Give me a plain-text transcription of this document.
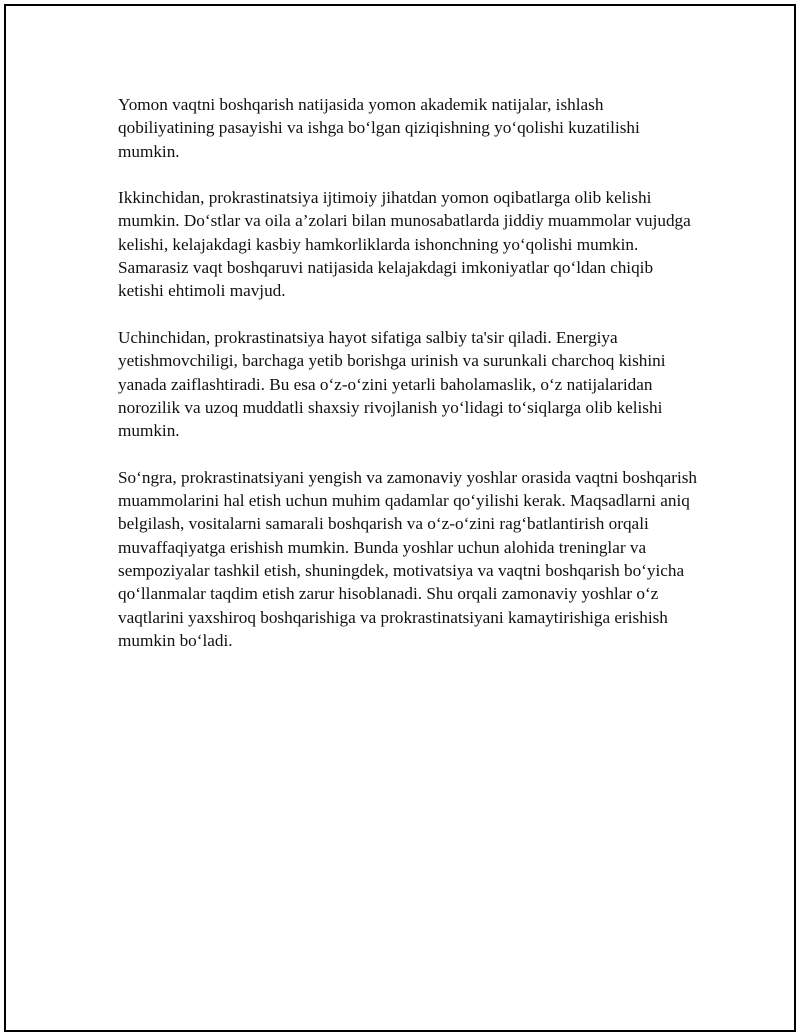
Yomon vaqtni boshqarish natijasida yomon akademik natijalar, ishlash qobiliyatining pasayishi va ishga bo‘lgan qiziqishning yo‘qolishi kuzatilishi mumkin.

Ikkinchidan, prokrastinatsiya ijtimoiy jihatdan yomon oqibatlarga olib kelishi mumkin. Do‘stlar va oila a’zolari bilan munosabatlarda jiddiy muammolar vujudga kelishi, kelajakdagi kasbiy hamkorliklarda ishonchning yo‘qolishi mumkin. Samarasiz vaqt boshqaruvi natijasida kelajakdagi imkoniyatlar qo‘ldan chiqib ketishi ehtimoli mavjud.

Uchinchidan, prokrastinatsiya hayot sifatiga salbiy ta'sir qiladi. Energiya yetishmovchiligi, barchaga yetib borishga urinish va surunkali charchoq kishini yanada zaiflashtiradi. Bu esa o‘z-o‘zini yetarli baholamaslik, o‘z natijalaridan norozilik va uzoq muddatli shaxsiy rivojlanish yo‘lidagi to‘siqlarga olib kelishi mumkin.

So‘ngra, prokrastinatsiyani yengish va zamonaviy yoshlar orasida vaqtni boshqarish muammolarini hal etish uchun muhim qadamlar qo‘yilishi kerak. Maqsadlarni aniq belgilash, vositalarni samarali boshqarish va o‘z-o‘zini rag‘batlantirish orqali muvaffaqiyatga erishish mumkin. Bunda yoshlar uchun alohida treninglar va sempoziyalar tashkil etish, shuningdek, motivatsiya va vaqtni boshqarish bo‘yicha qo‘llanmalar taqdim etish zarur hisoblanadi. Shu orqali zamonaviy yoshlar o‘z vaqtlarini yaxshiroq boshqarishiga va prokrastinatsiyani kamaytirishiga erishish mumkin bo‘ladi.
